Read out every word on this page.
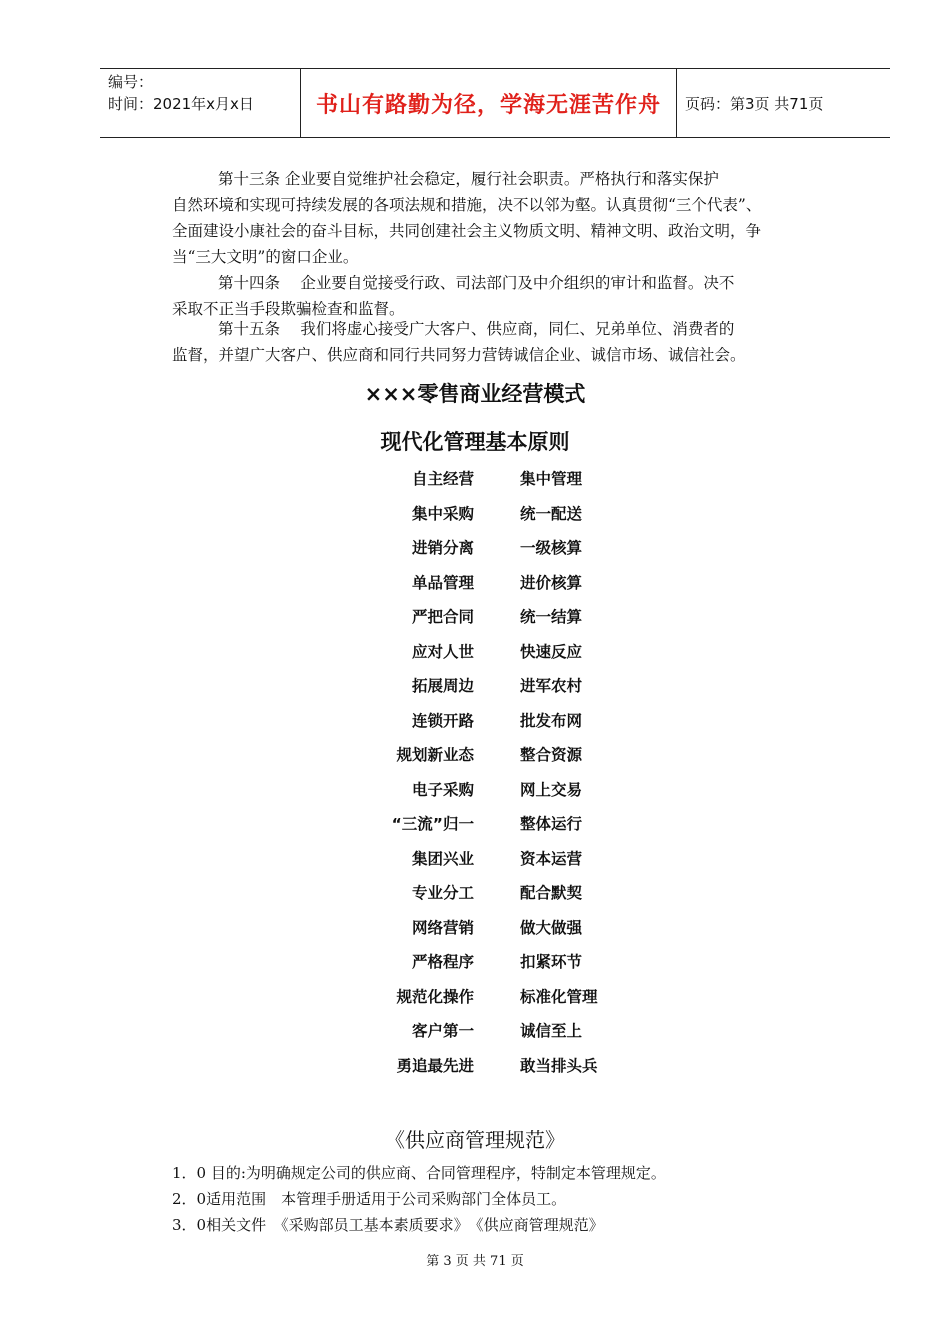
编号：
时间：2021年x月x日	书山有路勤为径，学海无涯苦作舟	页码：第3页 共71页
第十三条 企业要自觉维护社会稳定，履行社会职责。严格执行和落实保护
自然环境和实现可持续发展的各项法规和措施，决不以邻为壑。认真贯彻“三个代表”、
全面建设小康社会的奋斗目标，共同创建社会主义物质文明、精神文明、政治文明，争
当“三大文明”的窗口企业。
第十四条　 企业要自觉接受行政、司法部门及中介组织的审计和监督。决不
采取不正当手段欺骗检查和监督。
第十五条　 我们将虚心接受广大客户、供应商，同仁、兄弟单位、消费者的
监督，并望广大客户、供应商和同行共同努力营铸诚信企业、诚信市场、诚信社会。
×××零售商业经营模式
现代化管理基本原则
自主经营	集中管理
集中采购	统一配送
进销分离	一级核算
单品管理	进价核算
严把合同	统一结算
应对人世	快速反应
拓展周边	进军农村
连锁开路	批发布网
规划新业态	整合资源
电子采购	网上交易
“三流”归一	整体运行
集团兴业	资本运营
专业分工	配合默契
网络营销	做大做强
严格程序	扣紧环节
规范化操作	标准化管理
客户第一	诚信至上
勇追最先进	敢当排头兵
《供应商管理规范》
1．0 目的:为明确规定公司的供应商、合同管理程序，特制定本管理规定。
2．0适用范围　本管理手册适用于公司采购部门全体员工。
3．0相关文件　《采购部员工基本素质要求》　《供应商管理规范》
第 3 页 共 71 页
